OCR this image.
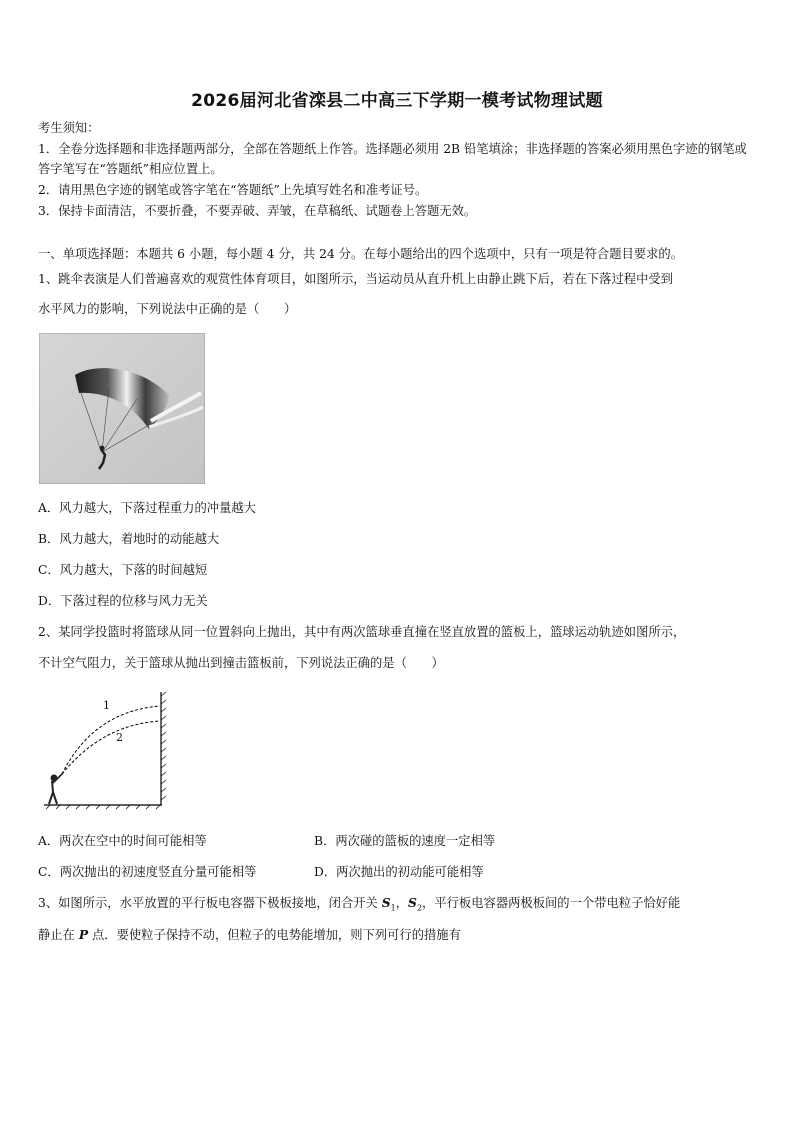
2026届河北省滦县二中高三下学期一模考试物理试题
考生须知：
1．全卷分选择题和非选择题两部分，全部在答题纸上作答。选择题必须用 2B 铅笔填涂；非选择题的答案必须用黑色字迹的钢笔或答字笔写在“答题纸”相应位置上。
2．请用黑色字迹的钢笔或答字笔在“答题纸”上先填写姓名和准考证号。
3．保持卡面清洁，不要折叠，不要弄破、弄皱，在草稿纸、试题卷上答题无效。
一、单项选择题：本题共 6 小题，每小题 4 分，共 24 分。在每小题给出的四个选项中，只有一项是符合题目要求的。
1、跳伞表演是人们普遍喜欢的观赏性体育项目，如图所示，当运动员从直升机上由静止跳下后，若在下落过程中受到
水平风力的影响，下列说法中正确的是（　　）
A．风力越大，下落过程重力的冲量越大
B．风力越大，着地时的动能越大
C．风力越大，下落的时间越短
D．下落过程的位移与风力无关
2、某同学投篮时将篮球从同一位置斜向上抛出，其中有两次篮球垂直撞在竖直放置的篮板上，篮球运动轨迹如图所示，
不计空气阻力，关于篮球从抛出到撞击篮板前，下列说法正确的是（　　）
1
2
A．两次在空中的时间可能相等	B．两次碰的篮板的速度一定相等
C．两次抛出的初速度竖直分量可能相等	D．两次抛出的初动能可能相等
3、如图所示，水平放置的平行板电容器下极板接地，闭合开关 $S_1$，$S_2$，平行板电容器两极板间的一个带电粒子恰好能
静止在 P 点．要使粒子保持不动，但粒子的电势能增加，则下列可行的措施有
